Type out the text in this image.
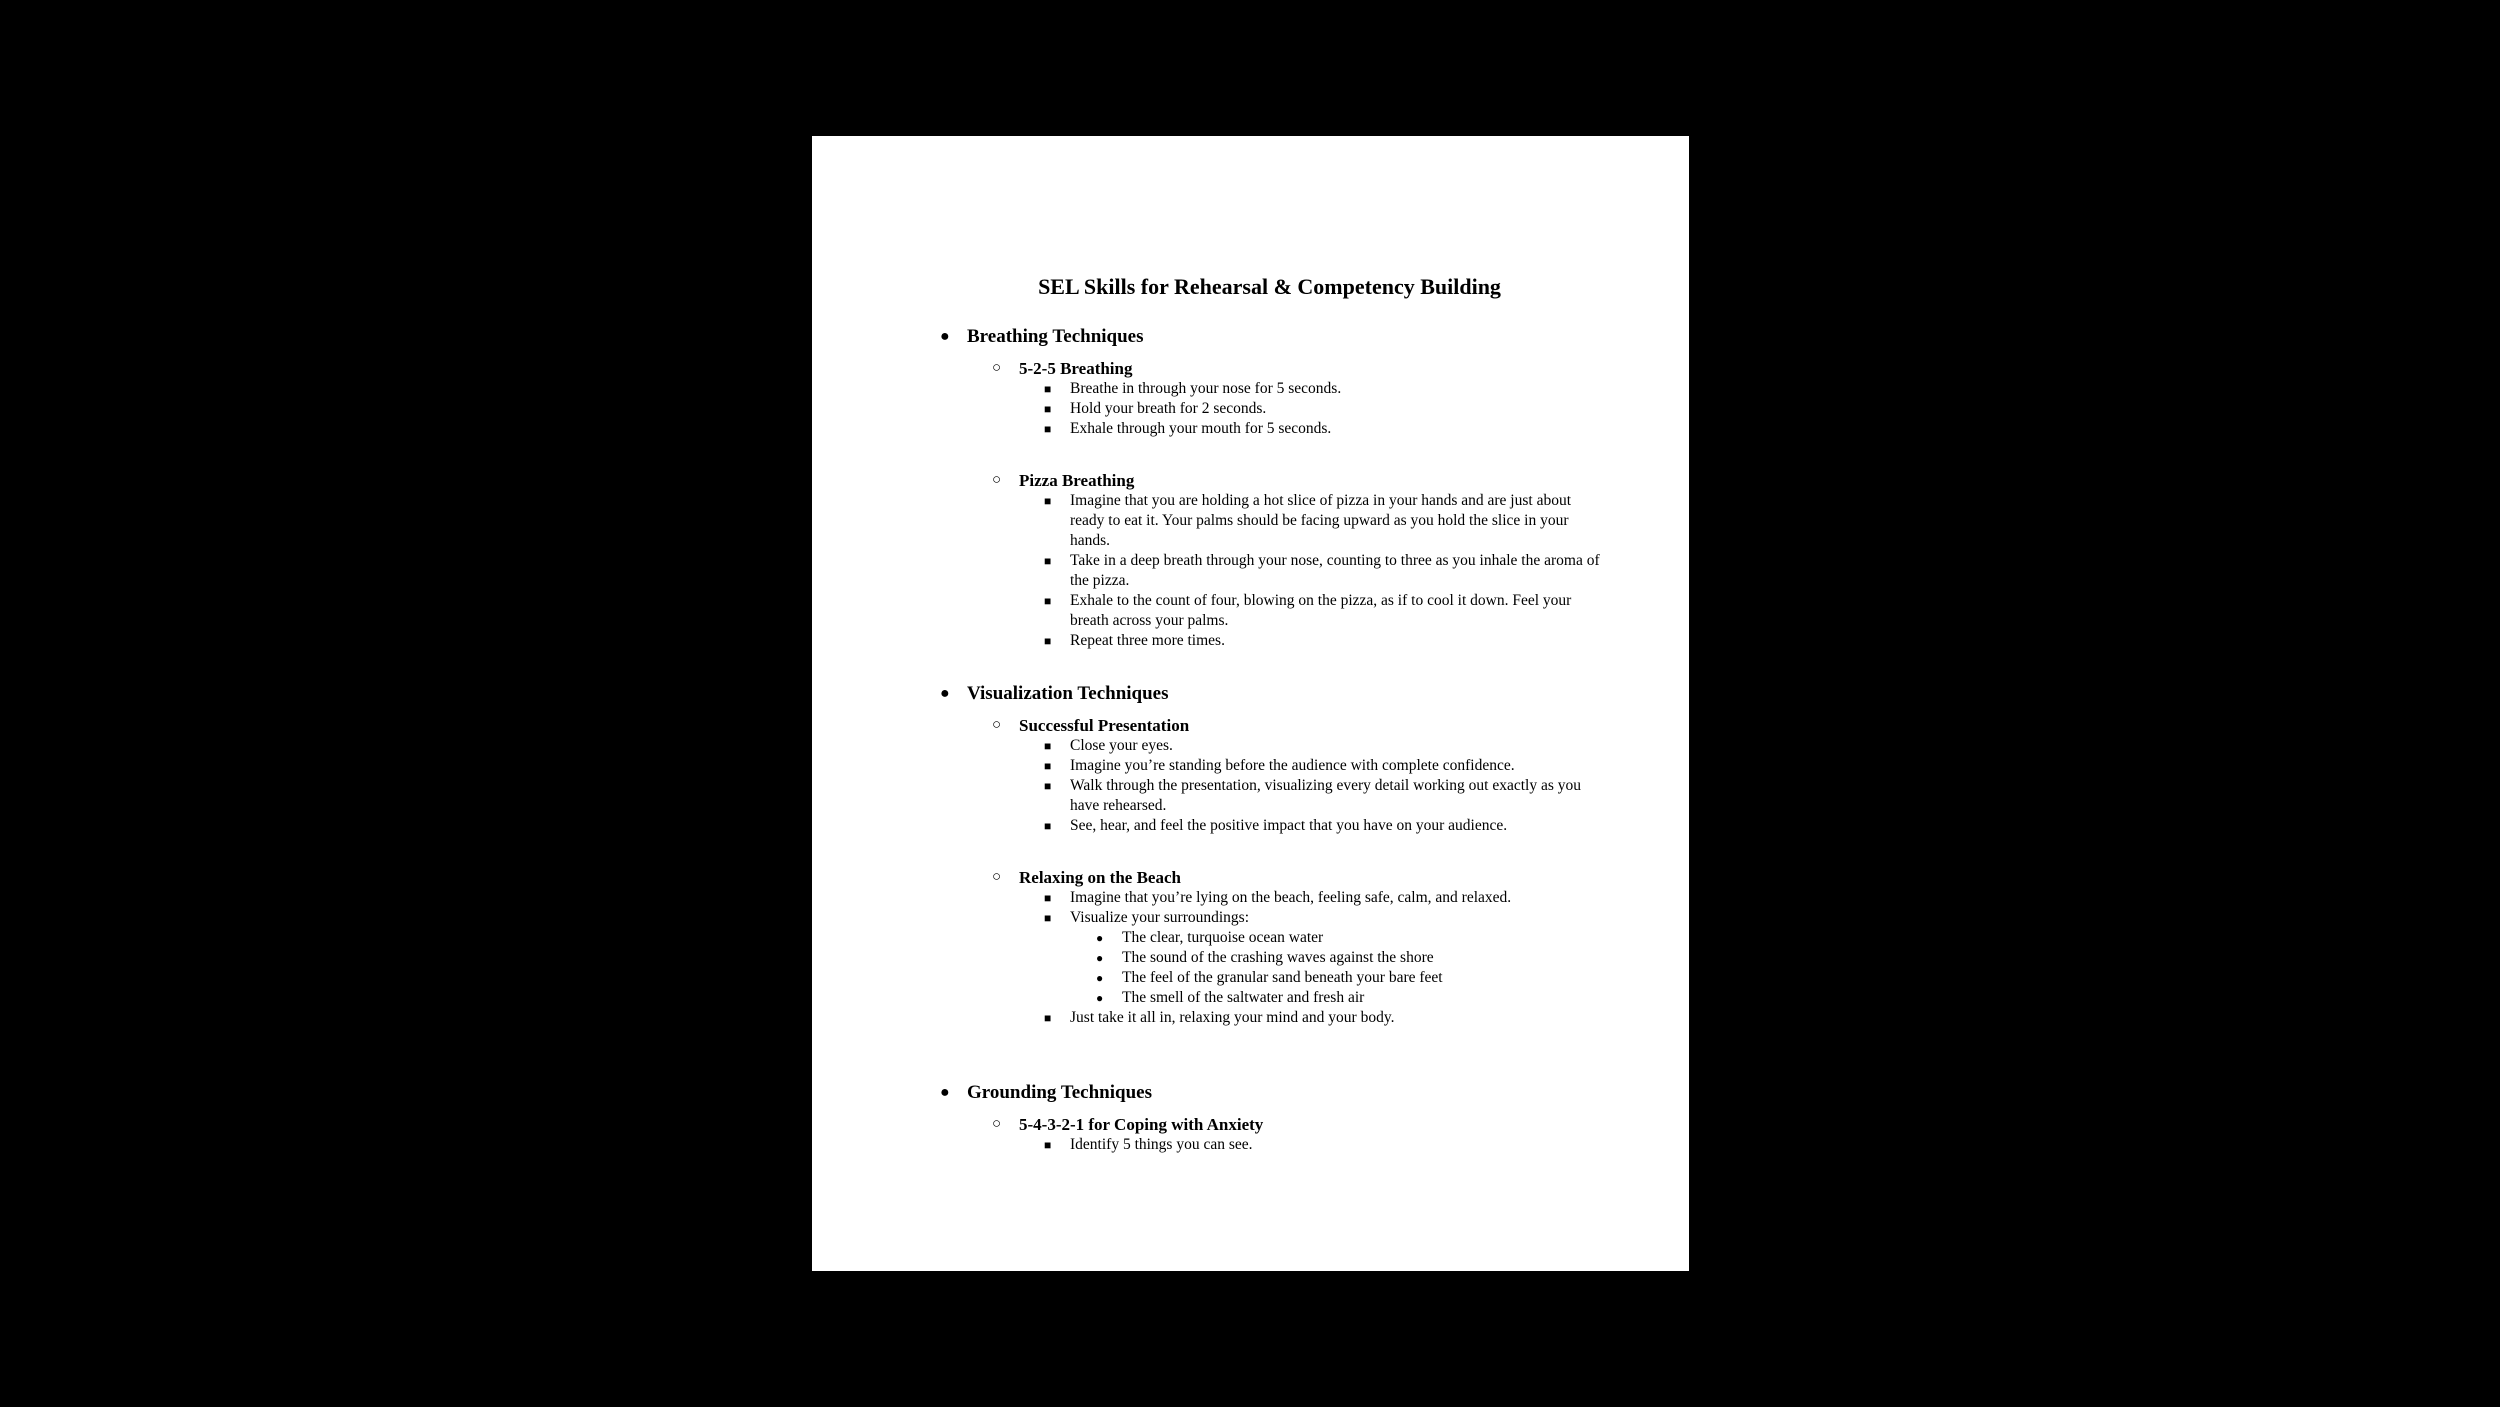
SEL Skills for Rehearsal & Competency Building
● Breathing Techniques
○ 5-2-5 Breathing
■ Breathe in through your nose for 5 seconds.
■ Hold your breath for 2 seconds.
■ Exhale through your mouth for 5 seconds.
○ Pizza Breathing
■ Imagine that you are holding a hot slice of pizza in your hands and are just about ready to eat it. Your palms should be facing upward as you hold the slice in your hands.
■ Take in a deep breath through your nose, counting to three as you inhale the aroma of the pizza.
■ Exhale to the count of four, blowing on the pizza, as if to cool it down. Feel your breath across your palms.
■ Repeat three more times.
● Visualization Techniques
○ Successful Presentation
■ Close your eyes.
■ Imagine you’re standing before the audience with complete confidence.
■ Walk through the presentation, visualizing every detail working out exactly as you have rehearsed.
■ See, hear, and feel the positive impact that you have on your audience.
○ Relaxing on the Beach
■ Imagine that you’re lying on the beach, feeling safe, calm, and relaxed.
■ Visualize your surroundings:
● The clear, turquoise ocean water
● The sound of the crashing waves against the shore
● The feel of the granular sand beneath your bare feet
● The smell of the saltwater and fresh air
■ Just take it all in, relaxing your mind and your body.
● Grounding Techniques
○ 5-4-3-2-1 for Coping with Anxiety
■ Identify 5 things you can see.
